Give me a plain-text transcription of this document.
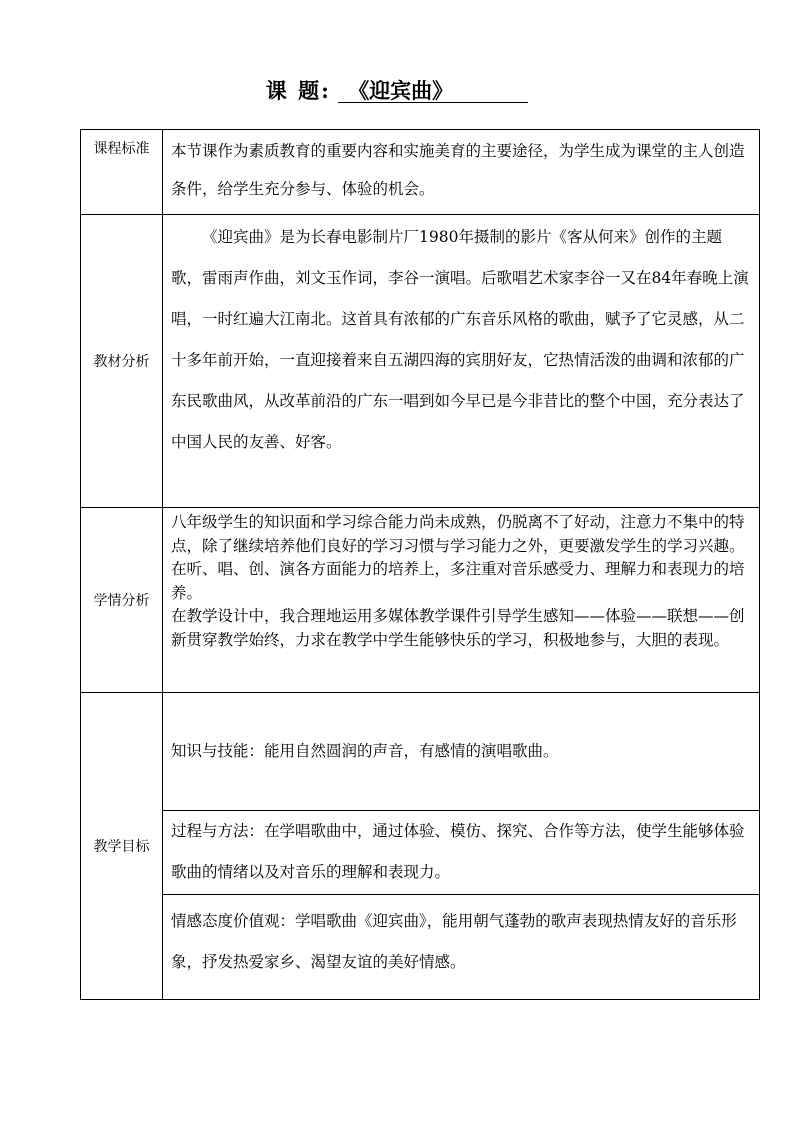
课 题: 《迎宾曲》
课程标准	本节课作为素质教育的重要内容和实施美育的主要途径，为学生成为课堂的主人创造条件，给学生充分参与、体验的机会。

教材分析	《迎宾曲》是为长春电影制片厂1980年摄制的影片《客从何来》创作的主题歌，雷雨声作曲，刘文玉作词，李谷一演唱。后歌唱艺术家李谷一又在84年春晚上演唱，一时红遍大江南北。这首具有浓郁的广东音乐风格的歌曲，赋予了它灵感，从二十多年前开始，一直迎接着来自五湖四海的宾朋好友，它热情活泼的曲调和浓郁的广东民歌曲风，从改革前沿的广东一唱到如今早已是今非昔比的整个中国，充分表达了中国人民的友善、好客。

学情分析	八年级学生的知识面和学习综合能力尚未成熟，仍脱离不了好动，注意力不集中的特点，除了继续培养他们良好的学习习惯与学习能力之外，更要激发学生的学习兴趣。在听、唱、创、演各方面能力的培养上，多注重对音乐感受力、理解力和表现力的培养。

在教学设计中，我合理地运用多媒体教学课件引导学生感知——体验——联想——创新贯穿教学始终，力求在教学中学生能够快乐的学习，积极地参与，大胆的表现。

教学目标	知识与技能：能用自然圆润的声音，有感情的演唱歌曲。

	过程与方法：在学唱歌曲中，通过体验、模仿、探究、合作等方法，使学生能够体验歌曲的情绪以及对音乐的理解和表现力。

	情感态度价值观：学唱歌曲《迎宾曲》，能用朝气蓬勃的歌声表现热情友好的音乐形象，抒发热爱家乡、渴望友谊的美好情感。
